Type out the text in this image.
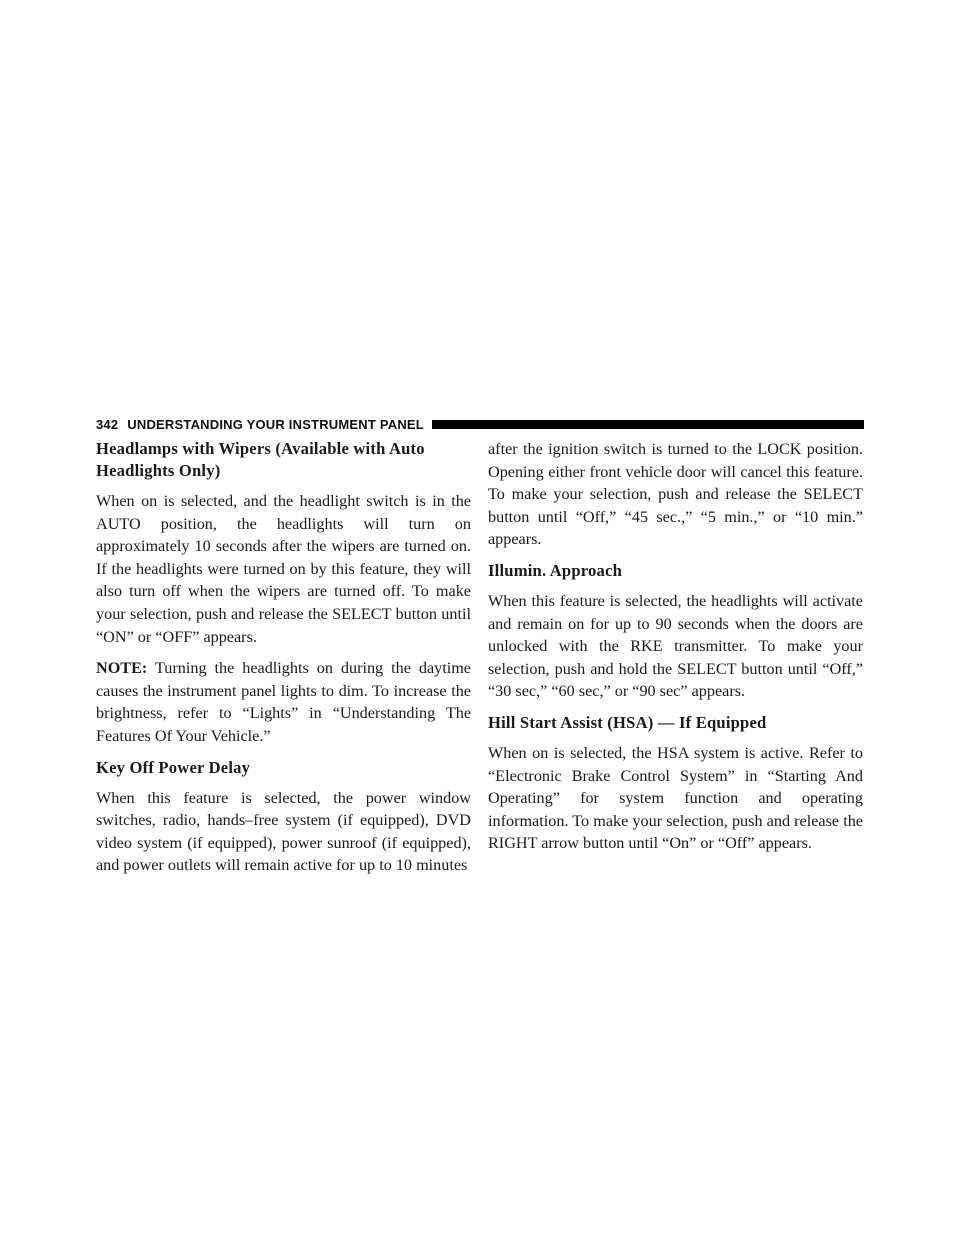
342 UNDERSTANDING YOUR INSTRUMENT PANEL
Headlamps with Wipers (Available with Auto Headlights Only)

When on is selected, and the headlight switch is in the AUTO position, the headlights will turn on approximately 10 seconds after the wipers are turned on. If the headlights were turned on by this feature, they will also turn off when the wipers are turned off. To make your selection, push and release the SELECT button until “ON” or “OFF” appears.

NOTE: Turning the headlights on during the daytime causes the instrument panel lights to dim. To increase the brightness, refer to “Lights” in “Understanding The Features Of Your Vehicle.”

Key Off Power Delay

When this feature is selected, the power window switches, radio, hands–free system (if equipped), DVD video system (if equipped), power sunroof (if equipped), and power outlets will remain active for up to 10 minutes

after the ignition switch is turned to the LOCK position. Opening either front vehicle door will cancel this feature. To make your selection, push and release the SELECT button until “Off,” “45 sec.,” “5 min.,” or “10 min.” appears.

Illumin. Approach

When this feature is selected, the headlights will activate and remain on for up to 90 seconds when the doors are unlocked with the RKE transmitter. To make your selection, push and hold the SELECT button until “Off,” “30 sec,” “60 sec,” or “90 sec” appears.

Hill Start Assist (HSA) — If Equipped

When on is selected, the HSA system is active. Refer to “Electronic Brake Control System” in “Starting And Operating” for system function and operating information. To make your selection, push and release the RIGHT arrow button until “On” or “Off” appears.
